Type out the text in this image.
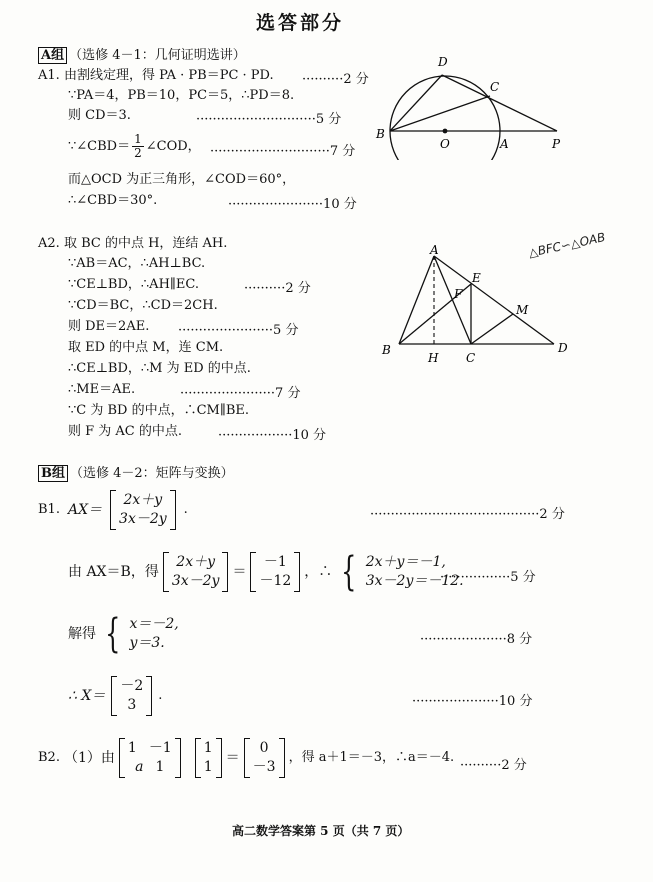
选答部分
A组 （选修 4－1：几何证明选讲）
A1. 由割线定理，得 PA · PB＝PC · PD. ··········2 分
∵PA＝4，PB＝10，PC＝5，∴PD＝8.
则 CD＝3.	·····························5 分
∵∠CBD＝ $\frac{1}{2}$ ∠COD， ·····························7 分
而△OCD 为正三角形，∠COD＝60°，
∴∠CBD＝30°.	·······················10 分
D
C
B
O	A	P
A2. 取 BC 的中点 H，连结 AH.
∵AB＝AC，∴AH⊥BC.
∵CE⊥BD，∴AH∥EC.	··········2 分
∵CD＝BC，∴CD＝2CH.
则 DE＝2AE. ·······················5 分
取 ED 的中点 M，连 CM.
∴CE⊥BD，∴M 为 ED 的中点.
∴ME＝AE.	·······················7 分
∵C 为 BD 的中点，∴CM∥BE.
则 F 为 AC 的中点.	··················10 分
△BFC∽△OAB
A
E
F
M
B
H C
D
B组 （选修 4－2：矩阵与变换）
B1. AX＝
2x＋y
3x－2y
.	·········································2 分
由 AX＝B，得
2x＋y
3x－2y
＝
－1
－12
，∴ { 2x＋y＝－1,
3x－2y＝－12.
·················5 分
解得 { x＝－2,
y＝3.	·····················8 分
∴ X＝
－2
3
.	·····················10 分
B2. （1）由
1 －1
a 1
1
1
＝
0
－3
，得 a＋1＝－3，∴a＝－4.
··········2 分
高二数学答案第 5 页（共 7 页）
